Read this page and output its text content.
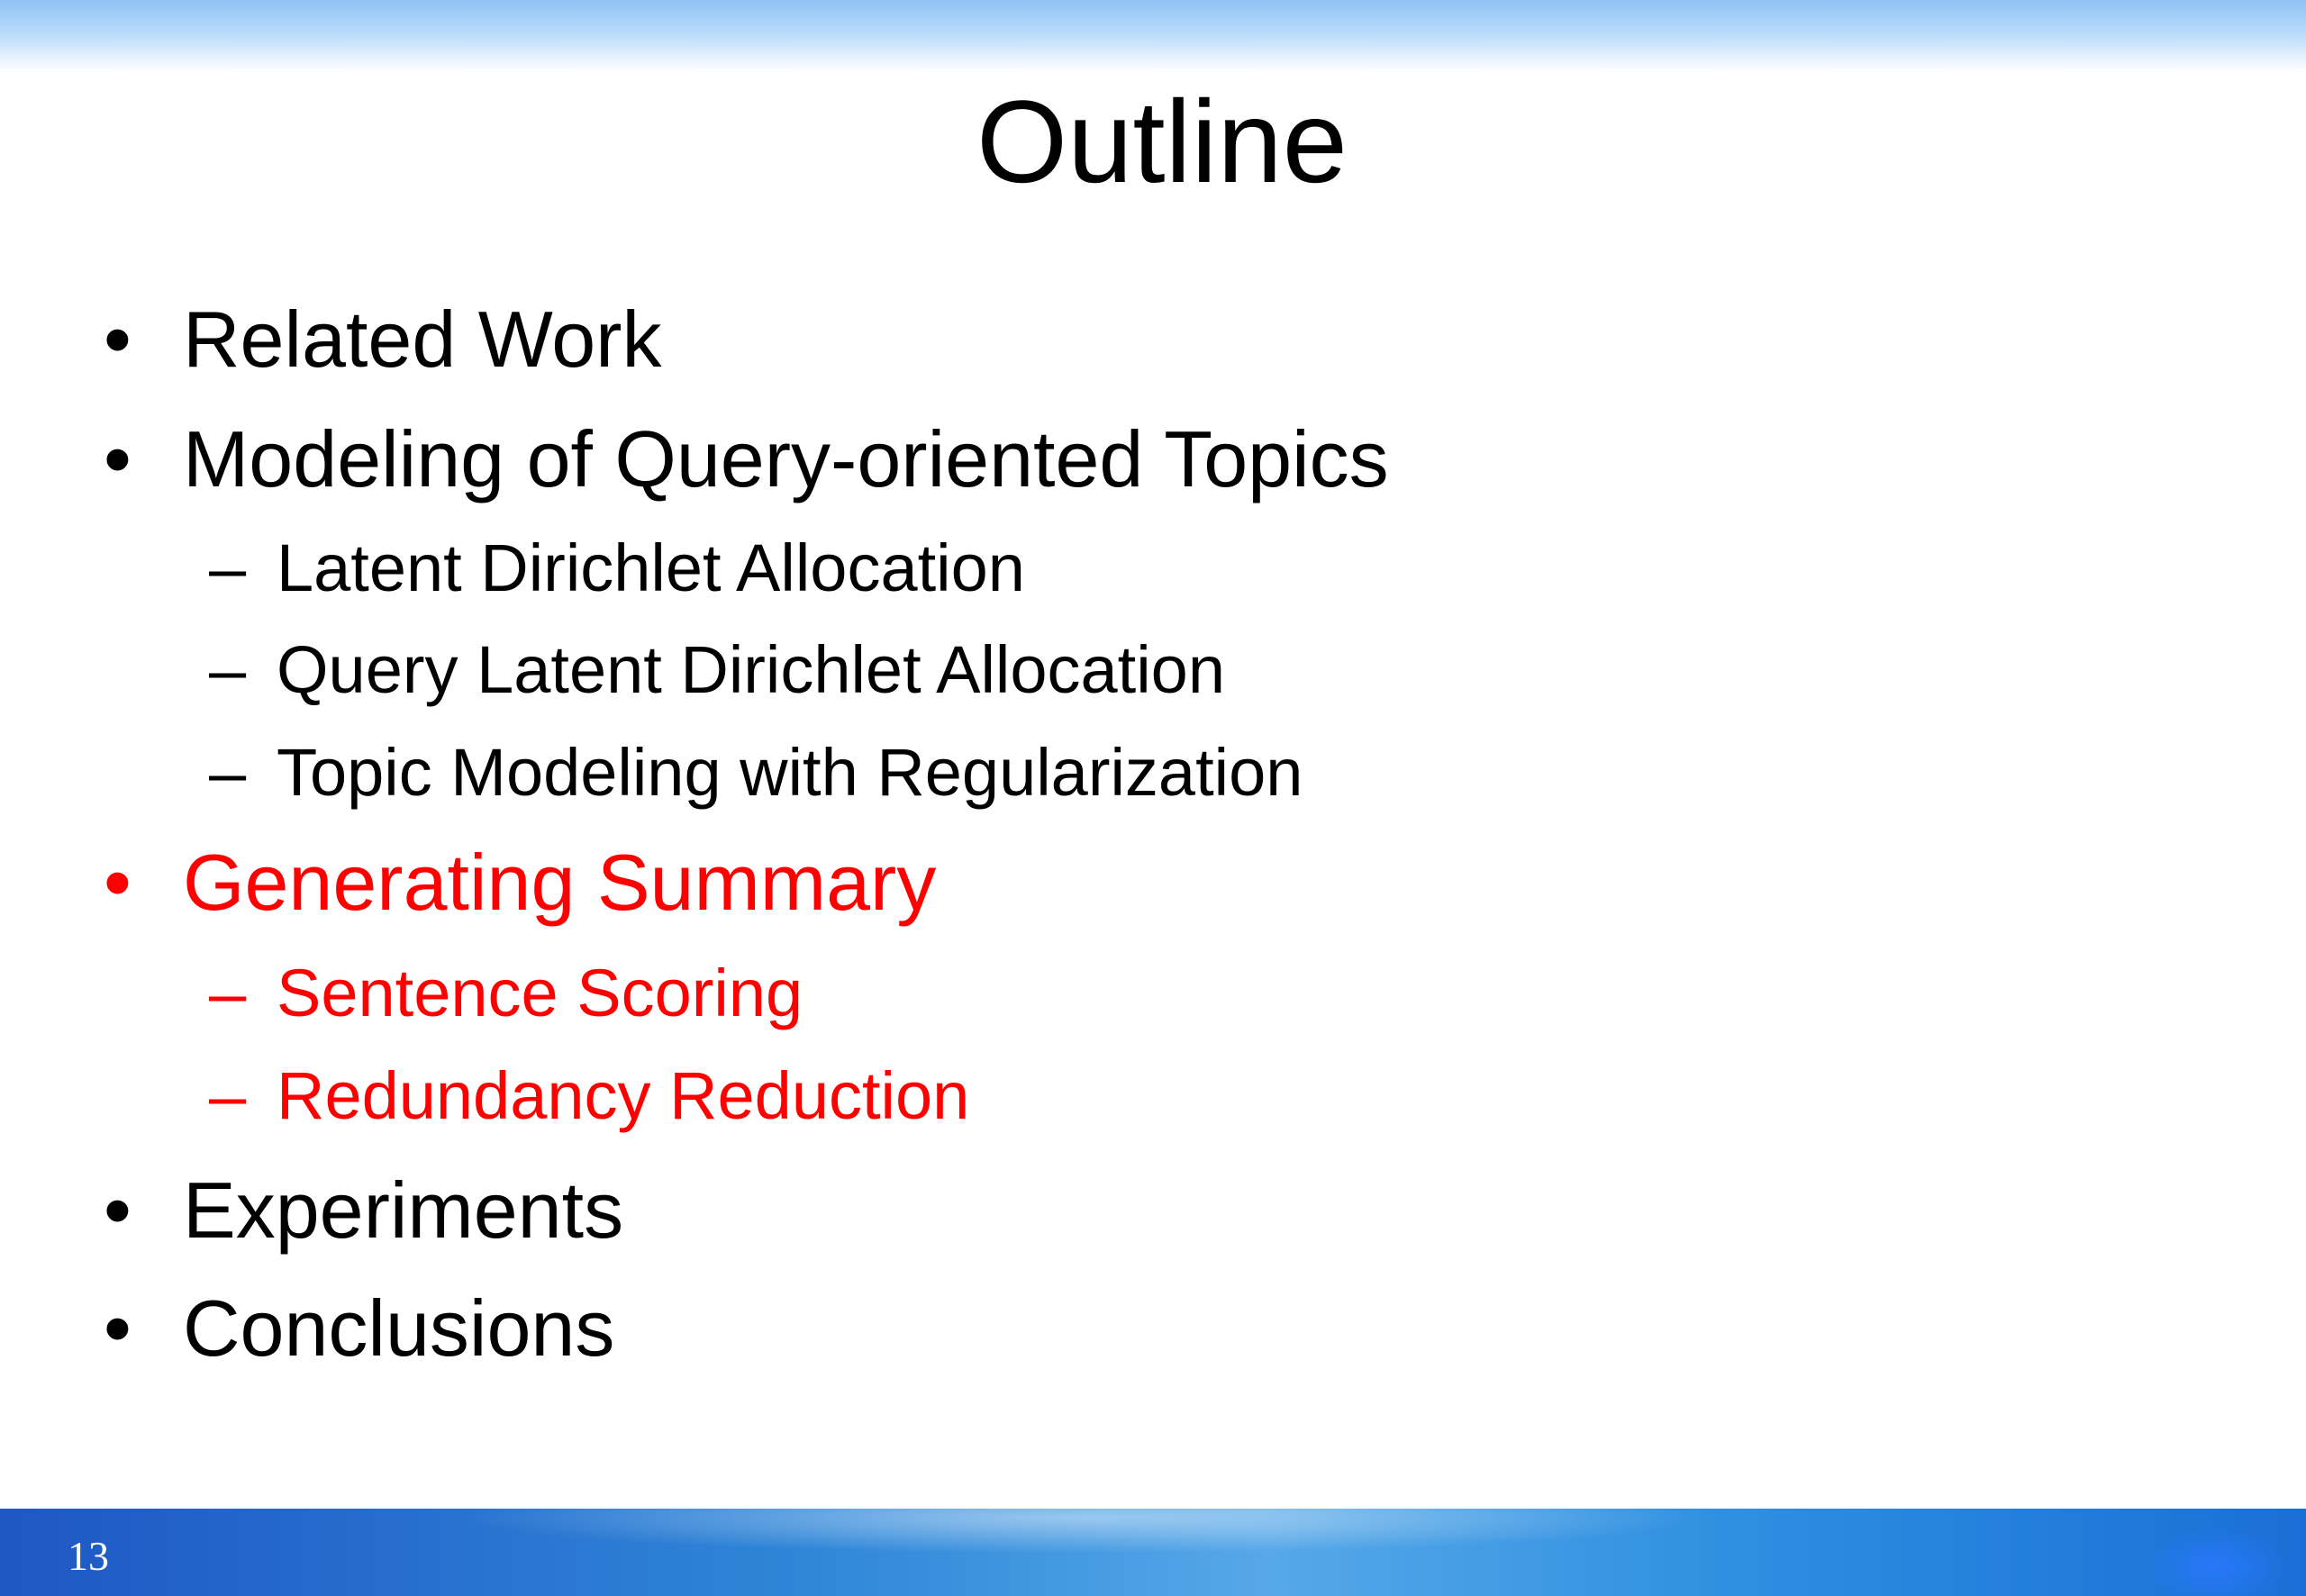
Outline
• Related Work
• Modeling of Query-oriented Topics
– Latent Dirichlet Allocation
– Query Latent Dirichlet Allocation
– Topic Modeling with Regularization
• Generating Summary
– Sentence Scoring
– Redundancy Reduction
• Experiments
• Conclusions
13
